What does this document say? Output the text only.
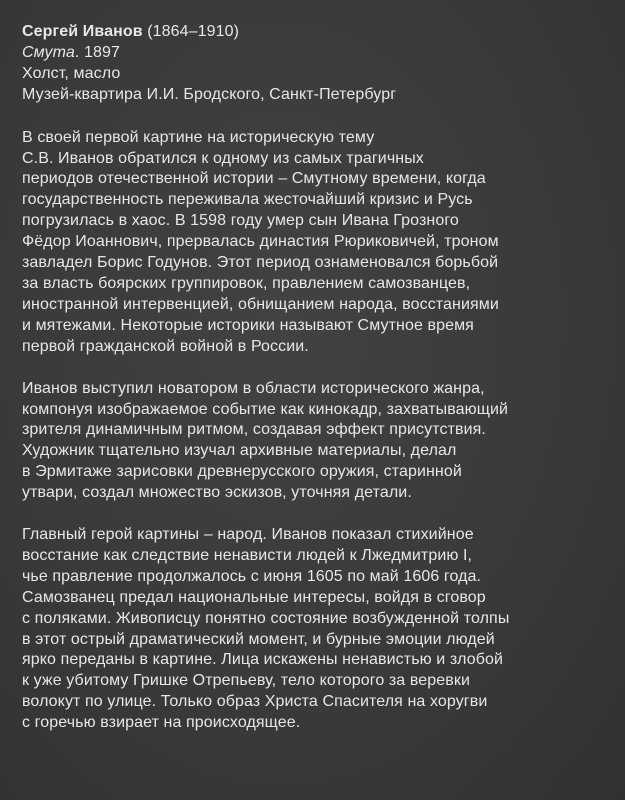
Сергей Иванов (1864–1910)
Смута. 1897
Холст, масло
Музей-квартира И.И. Бродского, Санкт-Петербург
В своей первой картине на историческую тему
С.В. Иванов обратился к одному из самых трагичных
периодов отечественной истории – Смутному времени, когда
государственность переживала жесточайший кризис и Русь
погрузилась в хаос. В 1598 году умер сын Ивана Грозного
Фёдор Иоаннович, прервалась династия Рюриковичей, троном
завладел Борис Годунов. Этот период ознаменовался борьбой
за власть боярских группировок, правлением самозванцев,
иностранной интервенцией, обнищанием народа, восстаниями
и мятежами. Некоторые историки называют Смутное время
первой гражданской войной в России.
Иванов выступил новатором в области исторического жанра,
компонуя изображаемое событие как кинокадр, захватывающий
зрителя динамичным ритмом, создавая эффект присутствия.
Художник тщательно изучал архивные материалы, делал
в Эрмитаже зарисовки древнерусского оружия, старинной
утвари, создал множество эскизов, уточняя детали.
Главный герой картины – народ. Иванов показал стихийное
восстание как следствие ненависти людей к Лжедмитрию I,
чье правление продолжалось с июня 1605 по май 1606 года.
Самозванец предал национальные интересы, войдя в сговор
с поляками. Живописцу понятно состояние возбужденной толпы
в этот острый драматический момент, и бурные эмоции людей
ярко переданы в картине. Лица искажены ненавистью и злобой
к уже убитому Гришке Отрепьеву, тело которого за веревки
волокут по улице. Только образ Христа Спасителя на хоругви
с горечью взирает на происходящее.
